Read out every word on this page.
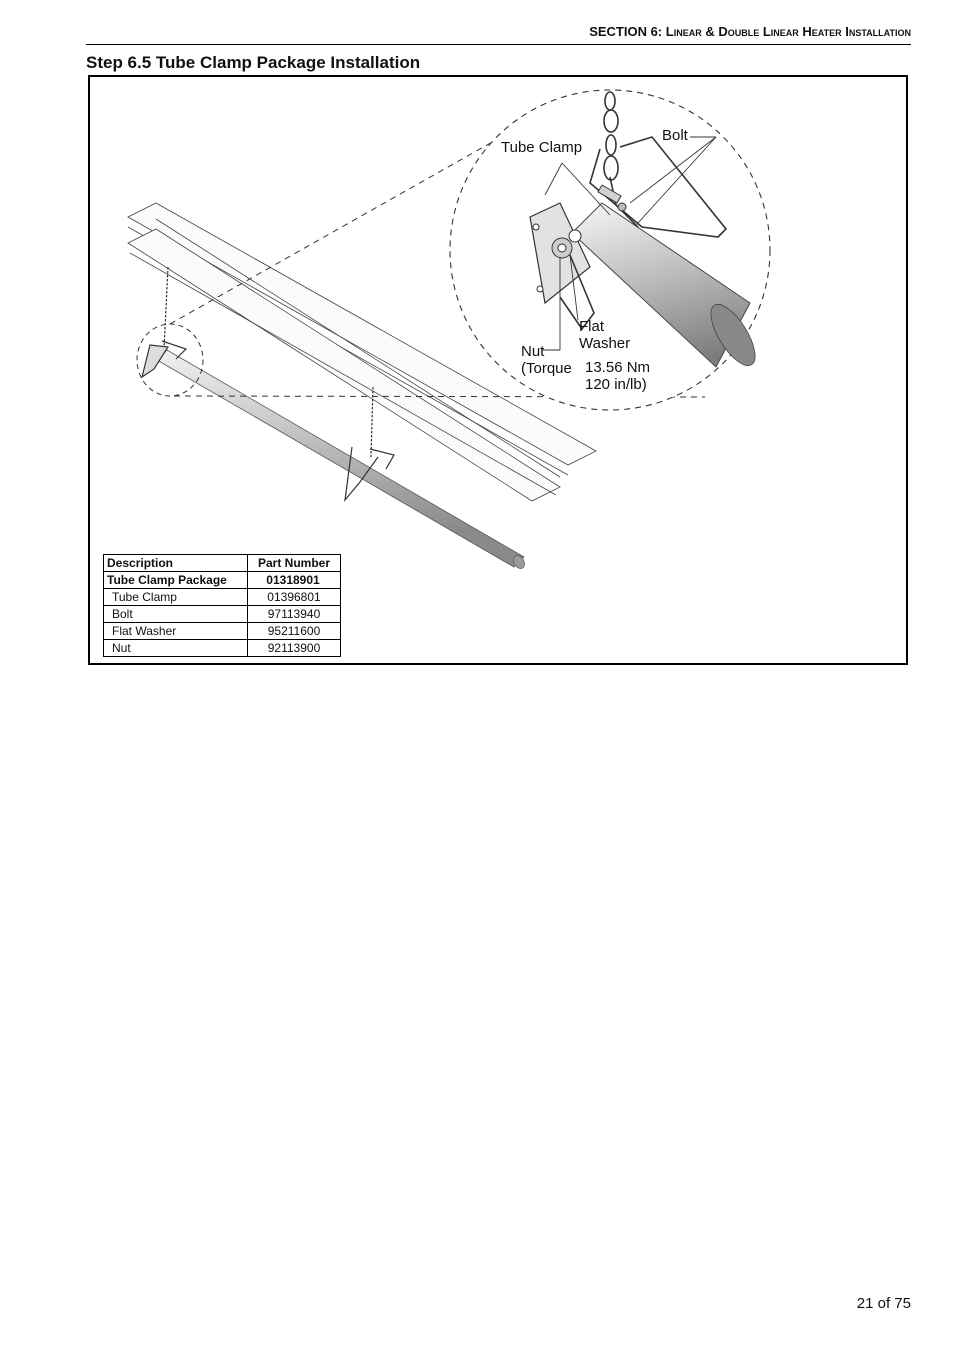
SECTION 6: Linear & Double Linear Heater Installation
Step 6.5 Tube Clamp Package Installation
Tube Clamp
Bolt
Flat
Washer
Nut
(Torque 13.56 Nm
120 in/lb)
Description	Part Number
Tube Clamp Package	01318901
Tube Clamp	01396801
Bolt	97113940
Flat Washer	95211600
Nut	92113900
21 of 75
